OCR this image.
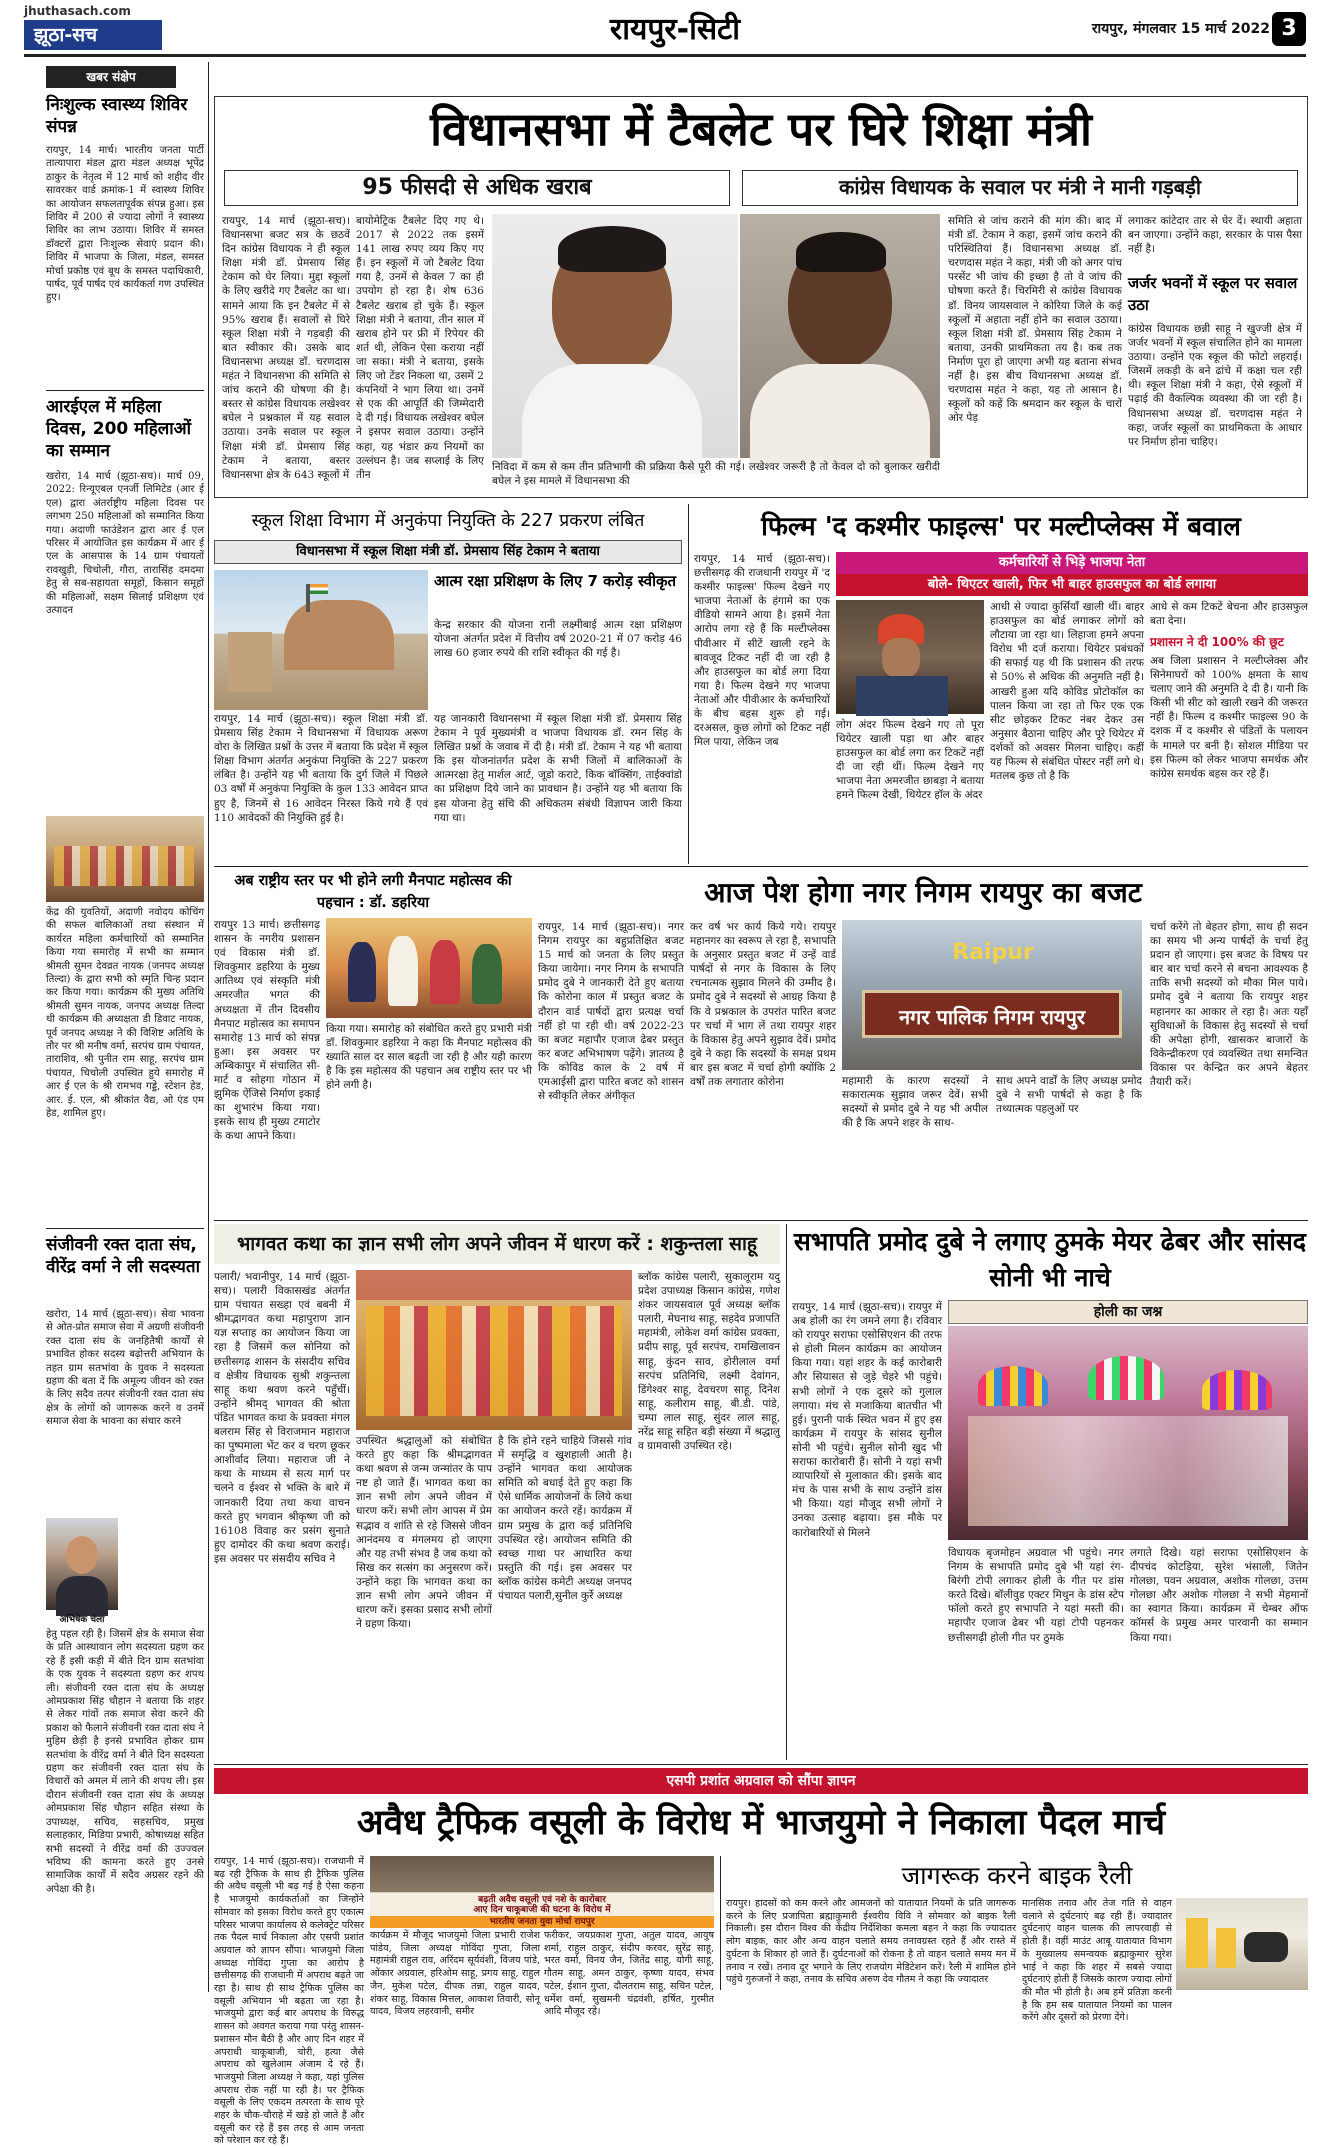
jhuthasach.com
झूठा-सच	रायपुर-सिटी	रायपुर, मंगलवार 15 मार्च 2022 3
खबर संक्षेप
निःशुल्क स्वास्थ्य शिविर संपन्न
रायपुर, 14 मार्च। भारतीय जनता पार्टी तात्यापारा मंडल द्वारा मंडल अध्यक्ष भूपेंद्र ठाकुर के नेतृत्व में 12 मार्च को शहीद वीर सावरकर वार्ड क्रमांक-1 में स्वास्थ्य शिविर का आयोजन सफलतापूर्वक संपन्न हुआ। इस शिविर में 200 से ज्यादा लोगों ने स्वास्थ्य शिविर का लाभ उठाया। शिविर में समस्त डॉक्टरों द्वारा निःशुल्क सेवाएं प्रदान की। शिविर में भाजपा के जिला, मंडल, समस्त मोर्चा प्रकोष्ठ एवं बूथ के समस्त पदाधिकारी, पार्षद, पूर्व पार्षद एवं कार्यकर्ता गण उपस्थित हुए।
आरईएल में महिला दिवस, 200 महिलाओं का सम्मान
खरोरा, 14 मार्च (झूठा-सच)। मार्च 09, 2022: रिन्यूएबल एनर्जी लिमिटेड (आर ई एल) द्वारा अंतर्राष्ट्रीय महिला दिवस पर लगभग 250 महिलाओं को सम्मानित किया गया। अदाणी फाउंडेशन द्वारा आर ई एल परिसर में आयोजित इस कार्यक्रम में आर ई एल के आसपास के 14 ग्राम पंचायतों रावखुड़ी, चिचोली, गौरा, तारासिंह दमदमा हेतु से सब-सहायता समूहों, किसान समूहों की महिलाओं, सक्षम सिलाई प्रशिक्षण एवं उत्पादन
केंद्र की युवतियों, अदाणी नवोदय कोचिंग की सफल बालिकाओं तथा संस्थान में कार्यरत महिला कर्मचारियों को सम्मानित किया गया समारोह में सभी का सम्मान श्रीमती सुमन देवव्रत नायक (जनपद अध्यक्ष तिल्दा) के द्वारा सभी को स्मृति चिन्ह प्रदान कर किया गया। कार्यक्रम की मुख्य अतिथि श्रीमती सुमन नायक, जनपद अध्यक्ष तिल्दा थी कार्यक्रम की अध्यक्षता डी डिवाट नायक, पूर्व जनपद अध्यक्ष ने की विशिष्ट अतिथि के तौर पर श्री मनीष वर्मा, सरपंच ग्राम पंचायत, ताराशिव, श्री पुनीत राम साहू, सरपंच ग्राम पंचायत, चिचोली उपस्थित हुये समारोह में आर ई एल के श्री रामभव गड्डे, स्टेशन हेड, आर. ई. एल, श्री श्रीकांत वैद्य, ओ एंड एम हेड, शामिल हुए।
संजीवनी रक्त दाता संघ, वीरेंद्र वर्मा ने ली सदस्यता
खरोरा, 14 मार्च (झूठा-सच)। सेवा भावना से ओत-प्रोत समाज सेवा में अग्रणी संजीवनी रक्त दाता संघ के जनहितैषी कार्यों से प्रभावित होकर सदस्य बढ़ोत्तरी अभियान के तहत ग्राम सतभांवा के युवक ने सदस्यता ग्रहण की बता दें कि अमूल्य जीवन को रक्त के लिए सदैव तत्पर संजीवनी रक्त दाता संघ क्षेत्र के लोगों को जागरूक करने व उनमें समाज सेवा के भावना का संचार करने
अभिषेक चेला
हेतु पहल रही है। जिसमें क्षेत्र के समाज सेवा के प्रति आस्थावान लोग सदस्यता ग्रहण कर रहे हैं इसी कड़ी में बीते दिन ग्राम सतभांवा के एक युवक ने सदस्यता ग्रहण कर शपथ ली। संजीवनी रक्त दाता संघ के अध्यक्ष ओमप्रकाश सिंह चौहान ने बताया कि शहर से लेकर गांवों तक समाज सेवा करने की प्रकाश को फैलाने संजीवनी रक्त दाता संघ ने मुहिम छेड़ी है इनसे प्रभावित होकर ग्राम सतभांवा के वीरेंद्र वर्मा ने बीते दिन सदस्यता ग्रहण कर संजीवनी रक्त दाता संघ के विचारों को अमल में लाने की शपथ ली। इस दौरान संजीवनी रक्त दाता संघ के अध्यक्ष ओमप्रकाश सिंह चौहान सहित संस्था के उपाध्यक्ष, सचिव, सहसचिव, प्रमुख सलाहकार, मिडिया प्रभारी, कोषाध्यक्ष सहित सभी सदस्यों ने वीरेंद्र वर्मा की उज्ज्वल भविष्य की कामना करते हुए उनसे सामाजिक कार्यों में सदैव अग्रसर रहने की अपेक्षा की है।
विधानसभा में टैबलेट पर घिरे शिक्षा मंत्री
95 फीसदी से अधिक खराब	कांग्रेस विधायक के सवाल पर मंत्री ने मानी गड़बड़ी
रायपुर, 14 मार्च (झूठा-सच)। विधानसभा बजट सत्र के छठवें दिन कांग्रेस विधायक ने ही स्कूल शिक्षा मंत्री डॉ. प्रेमसाय सिंह टेकाम को घेर लिया। मुद्दा स्कूलों के लिए खरीदे गए टैबलेट का था। सामने आया कि इन टैबलेट में से 95% खराब हैं। सवालों से घिरे स्कूल शिक्षा मंत्री ने गड़बड़ी की बात स्वीकार की। उसके बाद विधानसभा अध्यक्ष डॉ. चरणदास महंत ने विधानसभा की समिति से जांच कराने की घोषणा की है। बस्तर से कांग्रेस विधायक लखेश्वर बघेल ने प्रश्नकाल में यह सवाल उठाया। उनके सवाल पर स्कूल शिक्षा मंत्री डॉ. प्रेमसाय सिंह टेकाम ने बताया, बस्तर विधानसभा क्षेत्र के 643 स्कूलों में
बायोमेट्रिक टैबलेट दिए गए थे। 2017 से 2022 तक इसमें 141 लाख रुपए व्यय किए गए हैं। इन स्कूलों में जो टैबलेट दिया गया है, उनमें से केवल 7 का ही उपयोग हो रहा है। शेष 636 टैबलेट खराब हो चुके हैं। स्कूल शिक्षा मंत्री ने बताया, तीन साल में खराब होने पर फ्री में रिपेयर की शर्त थी, लेकिन ऐसा कराया नहीं जा सका। मंत्री ने बताया, इसके लिए जो टेंडर निकला था, उसमें 2 कंपनियों ने भाग लिया था। उनमें से एक की आपूर्ति की जिम्मेदारी दे दी गई। विधायक लखेश्वर बघेल ने इसपर सवाल उठाया। उन्होंने कहा, यह भंडार क्रय नियमों का उल्लंघन है। जब सप्लाई के लिए तीन
निविदा में कम से कम तीन प्रतिभागी की प्रक्रिया कैसे पूरी की गई। लखेश्वर जरूरी है तो केवल दो को बुलाकर खरीदी बघेल ने इस मामले में विधानसभा की
समिति से जांच कराने की मांग की। बाद में मंत्री डॉ. टेकाम ने कहा, इसमें जांच कराने की परिस्थितियां हैं। विधानसभा अध्यक्ष डॉ. चरणदास महंत ने कहा, मंत्री जी को अगर पांच परसेंट भी जांच की इच्छा है तो वे जांच की घोषणा करते हैं। चिरमिरी से कांग्रेस विधायक डॉ. विनय जायसवाल ने कोरिया जिले के कई स्कूलों में अहाता नहीं होने का सवाल उठाया। स्कूल शिक्षा मंत्री डॉ. प्रेमसाय सिंह टेकाम ने बताया, उनकी प्राथमिकता तय है। कब तक निर्माण पूरा हो जाएगा अभी यह बताना संभव नहीं है। इस बीच विधानसभा अध्यक्ष डॉ. चरणदास महंत ने कहा, यह तो आसान है। स्कूलों को कहें कि श्रमदान कर स्कूल के चारों ओर पेड़
लगाकर कांटेदार तार से घेर दें। स्थायी अहाता बन जाएगा। उन्होंने कहा, सरकार के पास पैसा नहीं है।
जर्जर भवनों में स्कूल पर सवाल उठा
कांग्रेस विधायक छन्नी साहू ने खुज्जी क्षेत्र में जर्जर भवनों में स्कूल संचालित होने का मामला उठाया। उन्होंने एक स्कूल की फोटो लहराई। जिसमें लकड़ी के बने ढांचे में कक्षा चल रही थी। स्कूल शिक्षा मंत्री ने कहा, ऐसे स्कूलों में पढ़ाई की वैकल्पिक व्यवस्था की जा रही है। विधानसभा अध्यक्ष डॉ. चरणदास महंत ने कहा, जर्जर स्कूलों का प्राथमिकता के आधार पर निर्माण होना चाहिए।
स्कूल शिक्षा विभाग में अनुकंपा नियुक्ति के 227 प्रकरण लंबित
विधानसभा में स्कूल शिक्षा मंत्री डॉ. प्रेमसाय सिंह टेकाम ने बताया
आत्म रक्षा प्रशिक्षण के लिए 7 करोड़ स्वीकृत
केन्द्र सरकार की योजना रानी लक्ष्मीबाई आत्म रक्षा प्रशिक्षण योजना अंतर्गत प्रदेश में वित्तीय वर्ष 2020-21 में 07 करोड़ 46 लाख 60 हजार रुपये की राशि स्वीकृत की गई है।
रायपुर, 14 मार्च (झूठा-सच)। स्कूल शिक्षा मंत्री डॉ. प्रेमसाय सिंह टेकाम ने विधानसभा में विधायक अरूण वोरा के लिखित प्रश्नों के उत्तर में बताया कि प्रदेश में स्कूल शिक्षा विभाग अंतर्गत अनुकंपा नियुक्ति के 227 प्रकरण लंबित है। उन्होंने यह भी बताया कि दुर्ग जिले में पिछले 03 वर्षों में अनुकंपा नियुक्ति के कुल 133 आवेदन प्राप्त हुए है, जिनमें से 16 आवेदन निरस्त किये गये हैं एवं 110 आवेदकों की नियुक्ति हुई है।
यह जानकारी विधानसभा में स्कूल शिक्षा मंत्री डॉ. प्रेमसाय सिंह टेकाम ने पूर्व मुख्यमंत्री व भाजपा विधायक डॉ. रमन सिंह के लिखित प्रश्नों के जवाब में दी है। मंत्री डॉ. टेकाम ने यह भी बताया कि इस योजनांतर्गत प्रदेश के सभी जिलों में बालिकाओं के आत्मरक्षा हेतु मार्शल आर्ट, जूडो कराटे, किक बॉक्सिंग, ताईक्वांडो का प्रशिक्षण दिये जाने का प्रावधान है। उन्होंने यह भी बताया कि इस योजना हेतु संचि की अधिकतम संबंधी विज्ञापन जारी किया गया था।
फिल्म 'द कश्मीर फाइल्स' पर मल्टीप्लेक्स में बवाल
कर्मचारियों से भिड़े भाजपा नेता
बोले- थिएटर खाली, फिर भी बाहर हाउसफुल का बोर्ड लगाया
रायपुर, 14 मार्च (झूठा-सच)। छत्तीसगढ़ की राजधानी रायपुर में 'द कश्मीर फाइल्स' फिल्म देखने गए भाजपा नेताओं के हंगामे का एक वीडियो सामने आया है। इसमें नेता आरोप लगा रहे हैं कि मल्टीप्लेक्स पीवीआर में सीटें खाली रहने के बावजूद टिकट नहीं दी जा रही है और हाउसफुल का बोर्ड लगा दिया गया है। फिल्म देखने गए भाजपा नेताओं और पीवीआर के कर्मचारियों के बीच बहस शुरू हो गई। दरअसल, कुछ लोगों को टिकट नहीं मिल पाया, लेकिन जब
लोग अंदर फिल्म देखने गए तो पूरा थियेटर खाली पड़ा था और बाहर हाउसफुल का बोर्ड लगा कर टिकटें नहीं दी जा रही थीं। फिल्म देखने गए भाजपा नेता अमरजीत छाबड़ा ने बताया हमने फिल्म देखी, थियेटर हॉल के अंदर
आधी से ज्यादा कुर्सियाँ खाली थीं। बाहर हाउसफुल का बोर्ड लगाकर लोगों को लौटाया जा रहा था। लिहाजा हमने अपना विरोध भी दर्ज कराया। थियेटर प्रबंधकों की सफाई यह थी कि प्रशासन की तरफ से 50% से अधिक की अनुमति नहीं है। आखरी हुआ यदि कोविड प्रोटोकॉल का पालन किया जा रहा तो फिर एक एक सीट छोड़कर टिकट नंबर देकर उस अनुसार बैठाना चाहिए और पूरे थियेटर में दर्शकों को अवसर मिलना चाहिए। कहीं यह फिल्म से संबंधित पोस्टर नहीं लगे थे। मतलब कुछ तो है कि
आधे से कम टिकटें बेचना और हाउसफुल बता देना।
प्रशासन ने दी 100% की छूट
अब जिला प्रशासन ने मल्टीप्लेक्स और सिनेमाघरों को 100% क्षमता के साथ चलाए जाने की अनुमति दे दी है। यानी कि किसी भी सीट को खाली रखने की जरूरत नहीं है। फिल्म द कश्मीर फाइल्स 90 के दशक में द कश्मीर से पंडितों के पलायन के मामले पर बनी है। सोशल मीडिया पर इस फिल्म को लेकर भाजपा समर्थक और कांग्रेस समर्थक बहस कर रहे हैं।
अब राष्ट्रीय स्तर पर भी होने लगी मैनपाट महोत्सव की पहचान : डॉ. डहरिया
रायपुर 13 मार्च। छत्तीसगढ़ शासन के नगरीय प्रशासन एवं विकास मंत्री डॉ. शिवकुमार डहरिया के मुख्य आतिथ्य एवं संस्कृति मंत्री अमरजीत भगत की अध्यक्षता में तीन दिवसीय मैनपाट महोत्सव का समापन समारोह 13 मार्च को संपन्न हुआ। इस अवसर पर अम्बिकापुर में संचालित सी-मार्ट व सोहगा गोठान में झुमिक ऐंजिसे निर्माण इकाई का शुभारंभ किया गया। इसके साथ ही मुख्य टमाटोर के कथा आपने किया।
किया गया। समारोह को संबोधित करते हुए प्रभारी मंत्री डॉ. शिवकुमार डहरिया ने कहा कि मैनपाट महोत्सव की ख्याति साल दर साल बढ़ती जा रही है और यही कारण है कि इस महोत्सव की पहचान अब राष्ट्रीय स्तर पर भी होने लगी है।
आज पेश होगा नगर निगम रायपुर का बजट
रायपुर, 14 मार्च (झूठा-सच)। नगर निगम रायपुर का बहुप्रतिक्षित बजट 15 मार्च को जनता के लिए प्रस्तुत किया जायेगा। नगर निगम के सभापति प्रमोद दुबे ने जानकारी देते हुए बताया कि कोरोना काल में प्रस्तुत बजट के दौरान वार्ड पार्षदों द्वारा प्रत्यक्ष चर्चा नहीं हो पा रही थी। वर्ष 2022-23 का बजट महापौर एजाज ढेबर प्रस्तुत कर बजट अभिभाषण पढ़ेंगे। ज्ञातव्य है कि कोविड काल के 2 वर्ष में एमआईसी द्वारा पारित बजट को शासन से स्वीकृति लेकर अंगीकृत
कर वर्ष भर कार्य किये गये। रायपुर महानगर का स्वरूप ले रहा है, सभापति के अनुसार प्रस्तुत बजट में उन्हें वार्ड पार्षदों से नगर के विकास के लिए रचनात्मक सुझाव मिलने की उम्मीद है। प्रमोद दुबे ने सदस्यों से आग्रह किया है कि वे प्रश्नकाल के उपरांत पारित बजट पर चर्चा में भाग लें तथा रायपुर शहर के विकास हेतु अपने सुझाव देवें। प्रमोद दुबे ने कहा कि सदस्यों के समक्ष प्रथम बार इस बजट में चर्चा होगी क्योंकि 2 वर्षों तक लगातार कोरोना
Raipur
नगर पालिक निगम रायपुर
महामारी के कारण सदस्यों ने सकारात्मक सुझाव जरूर देवें। सभी सदस्यों से प्रमोद दुबे ने यह भी अपील की है कि अपने शहर के साथ-
साथ अपने वार्डों के लिए अध्यक्ष प्रमोद दुबे ने सभी पार्षदों से कहा है कि तथ्यात्मक पहलुओं पर
चर्चा करेंगे तो बेहतर होगा, साथ ही सदन का समय भी अन्य पार्षदों के चर्चा हेतु प्रदान हो जाएगा। इस बजट के विषय पर बार बार चर्चा करने से बचना आवश्यक है ताकि सभी सदस्यों को मौका मिल पाये। प्रमोद दुबे ने बताया कि रायपुर शहर महानगर का आकार ले रहा है। अतः यहाँ सुविधाओं के विकास हेतु सदस्यों से चर्चा की अपेक्षा होगी, खासकर बाजारों के विकेन्द्रीकरण एवं व्यवस्थित तथा समन्वित विकास पर केन्द्रित कर अपने बेहतर तैयारी करें।
भागवत कथा का ज्ञान सभी लोग अपने जीवन में धारण करें : शकुन्तला साहू
पलारी/ भवानीपुर, 14 मार्च (झूठा-सच)। पलारी विकासखंड अंतर्गत ग्राम पंचायत सख्हा एवं बबनी में श्रीमद्भागवत कथा महापुराण ज्ञान यज्ञ सप्ताह का आयोजन किया जा रहा है जिसमें कल सोनिया को छत्तीसगढ़ शासन के संसदीय सचिव व क्षेत्रीय विधायक सुश्री शकुन्तला साहू कथा श्रवण करने पहुँचीं। उन्होंने श्रीमद् भागवत की श्रोता पंडित भागवत कथा के प्रवक्ता मंगल बलराम सिंह से विराजमान महाराज का पुष्पमाला भेंट कर व चरण छूकर आशीर्वाद लिया। महाराज जी ने कथा के माध्यम से सत्य मार्ग पर चलने व ईश्वर से भक्ति के बारे में जानकारी दिया तथा कथा वाचन करते हुए भगवान श्रीकृष्ण जी को 16108 विवाह कर प्रसंग सुनाते हुए दामोदर की कथा श्रवण कराई। इस अवसर पर संसदीय सचिव ने
उपस्थित श्रद्धालुओं को संबोधित करते हुए कहा कि श्रीमद्भागवत कथा श्रवण से जन्म जन्मांतर के पाप नष्ट हो जाते हैं। भागवत कथा का ज्ञान सभी लोग अपने जीवन में धारण करें। सभी लोग आपस में प्रेम सद्भाव व शांति से रहे जिससे जीवन आनंदमय व मंगलमय हो जाएगा और यह तभी संभव है जब कथा को सिख कर सत्संग का अनुसरण करें। उन्होंने कहा कि भागवत कथा का ज्ञान सभी लोग अपने जीवन में धारण करें। इसका प्रसाद सभी लोगों ने ग्रहण किया।
है कि होने रहने चाहिये जिससे गांव में समृद्धि व खुशहाली आती है। उन्होंने भागवत कथा आयोजक समिति को बधाई देते हुए कहा कि ऐसे धार्मिक आयोजनों के लिये कथा का आयोजन करते रहें। कार्यक्रम में ग्राम प्रमुख के द्वारा कई प्रतिनिधि उपस्थित रहे। आयोजन समिति की स्वच्छ गाथा पर आधारित कथा प्रस्तुति की गई। इस अवसर पर ब्लॉक कांग्रेस कमेटी अध्यक्ष जनपद पंचायत पलारी,सुनील कुर्रे अध्यक्ष
ब्लॉक कांग्रेस पलारी, सुकालूराम यदु प्रदेश उपाध्यक्ष किसान कांग्रेस, गणेश शंकर जायसवाल पूर्व अध्यक्ष ब्लॉक पलारी, मेघनाथ साहू, सहदेव प्रजापति महामंत्री, लोकेश वर्मा कांग्रेस प्रवक्ता, प्रदीप साहू, पूर्व सरपंच, रामखिलावन साहू, कुंदन साव, होरीलाल वर्मा सरपंच प्रतिनिधि, लक्ष्मी देवांगन, डिंगेश्वर साहू, देवचरण साहू, दिनेश साहू, कलीराम साहू, बी.डी. पांडे, चम्पा लाल साहू, सुंदर लाल साहू, नरेंद्र साहू सहित बड़ी संख्या में श्रद्धालु व ग्रामवासी उपस्थित रहे।
सभापति प्रमोद दुबे ने लगाए ठुमके मेयर ढेबर और सांसद सोनी भी नाचे
रायपुर, 14 मार्च (झूठा-सच)। रायपुर में अब होली का रंग जमने लगा है। रविवार को रायपुर सराफा एसोसिएशन की तरफ से होली मिलन कार्यक्रम का आयोजन किया गया। यहां शहर के कई कारोबारी और सियासत से जुड़े चेहरे भी पहुंचे। सभी लोगों ने एक दूसरे को गुलाल लगाया। मंच से मजाकिया बातचीत भी हुई। पुरानी पार्क स्थित भवन में हुए इस कार्यक्रम में रायपुर के सांसद सुनील सोनी भी पहुंचे। सुनील सोनी खुद भी सराफा कारोबारी हैं। सोनी ने यहां सभी व्यापारियों से मुलाकात की। इसके बाद मंच के पास सभी के साथ उन्होंने डांस भी किया। यहां मौजूद सभी लोगों ने उनका उत्साह बढ़ाया। इस मौके पर कारोबारियों से मिलने
होली का जश्न
विधायक बृजमोहन अग्रवाल भी पहुंचे। नगर निगम के सभापति प्रमोद दुबे भी यहां रंग-बिरंगी टोपी लगाकर होली के गीत पर डांस करते दिखे। बॉलीवुड एक्टर मिथुन के डांस स्टेप फॉलो करते हुए सभापति ने यहां मस्ती की। महापौर एजाज ढेबर भी यहां टोपी पहनकर छत्तीसगढ़ी होली गीत पर ठुमके
लगाते दिखे। यहां सराफा एसोसिएशन के दीपचंद कोटड़िया, सुरेश भंसाली, जितेन गोलछा, पवन अग्रवाल, अशोक गोलछा, उत्तम गोलछा और अशोक गोलछा ने सभी मेहमानों का स्वागत किया। कार्यक्रम में चेम्बर ऑफ कॉमर्स के प्रमुख अमर पारवानी का सम्मान किया गया।
एसपी प्रशांत अग्रवाल को सौंपा ज्ञापन
अवैध ट्रैफिक वसूली के विरोध में भाजयुमो ने निकाला पैदल मार्च
रायपुर, 14 मार्च (झूठा-सच)। राजधानी में बढ़ रही ट्रैफिक के साथ ही ट्रैफिक पुलिस की अवैध वसूली भी बढ़ गई है ऐसा कहना है भाजयुमो कार्यकर्ताओं का जिन्होंने सोमवार को इसका विरोध करते हुए एकात्म परिसर भाजपा कार्यालय से कलेक्ट्रेट परिसर तक पैदल मार्च निकाला और एसपी प्रशांत अग्रवाल को ज्ञापन सौंपा। भाजयुमो जिला अध्यक्ष गोविंदा गुप्ता का आरोप है छत्तीसगढ़ की राजधानी में अपराध बढ़ते जा रहा है। साथ ही साथ ट्रैफिक पुलिस का वसूली अभियान भी बढ़ता जा रहा है। भाजयुमो द्वारा कई बार अपराध के विरुद्ध शासन को अवगत कराया गया परंतु शासन-प्रशासन मौन बैठी है और आए दिन शहर में अपराधी चाकूबाजी, चोरी, हत्या जैसे अपराध को खुलेआम अंजाम दे रहे हैं। भाजयुमो जिला अध्यक्ष ने कहा, यहां पुलिस अपराध रोक नहीं पा रही है। पर ट्रैफिक वसूली के लिए एकदम तत्परता के साथ पूरे शहर के चौक-चौराहे में खड़े हो जाते हैं और वसूली कर रहे हैं इस तरह से आम जनता को परेशान कर रहे हैं।
बढ़ती अवैध वसूली एवं नशे के कारोबार
आए दिन चाकूबाजी की घटना के विरोध में
भारतीय जनता युवा मोर्चा रायपुर
कार्यक्रम में मौजूद भाजयुमो जिला प्रभारी राजेश पांडेय, जिला अध्यक्ष गोविंदा गुप्ता, जिला महामंत्री राहुल राव, अरिंदम सूर्यवंशी, विजय पांडे, ओंकार अग्रवाल, हरिओम साहू, प्रगय साहू, राहुल जैन, मुकेश पटेल, दीपक तन्ना, राहुल यादव, शंकर साहू, विकास मित्तल, आकाश तिवारी, सोनू यादव, विजय लहरवानी, समीर
फरीकर, जयप्रकाश गुप्ता, अतुल यादव, आयुष शर्मा, राहुल ठाकुर, संदीप करवर, सुरेंद्र साहू, भरत वर्मा, विनय जैन, जितेंद्र साहू, योगी साहू, गौतम साहू, अमन ठाकुर, कृष्णा यादव, संभव पटेल, ईशान गुप्ता, दौलतराम साहू, सचिन पटेल, धर्मेश वर्मा, सुखमनी चंद्रवंशी, हर्षित, गुरमीत आदि मौजूद रहे।
जागरूक करने बाइक रैली
रायपुर। हादसों को कम करने और आमजनों को यातायात नियमों के प्रति जागरूक करने के लिए प्रजापिता ब्रह्माकुमारी ईश्वरीय विवि ने सोमवार को बाइक रैली निकाली। इस दौरान विश्व की केंद्रीय निर्देशिका कमला बहन ने कहा कि ज्यादातर लोग बाइक, कार और अन्य वाहन चलाते समय तनावग्रस्त रहते हैं और रास्ते में दुर्घटना के शिकार हो जाते हैं। दुर्घटनाओं को रोकना है तो वाहन चलाते समय मन में तनाव न रखें। तनाव दूर भगाने के लिए राजयोग मेडिटेशन करें। रैली में शामिल होने पहुंचे गुरुजनों ने कहा, तनाव के सचिव अरुण देव गौतम ने कहा कि ज्यादातर
मानसिक तनाव और तेज गति से वाहन चलाने से दुर्घटनाएं बढ़ रही हैं। ज्यादातर दुर्घटनाएं वाहन चालक की लापरवाही से होती हैं। वहीं माउंट आबू यातायात विभाग के मुख्यालय समन्वयक ब्रह्माकुमार सुरेश भाई ने कहा कि शहर में सबसे ज्यादा दुर्घटनाएं होती हैं जिसके कारण ज्यादा लोगों की मौत भी होती है। अब हमें प्रतिज्ञा करनी है कि हम सब यातायात नियमों का पालन करेंगे और दूसरों को प्रेरणा देंगे।
